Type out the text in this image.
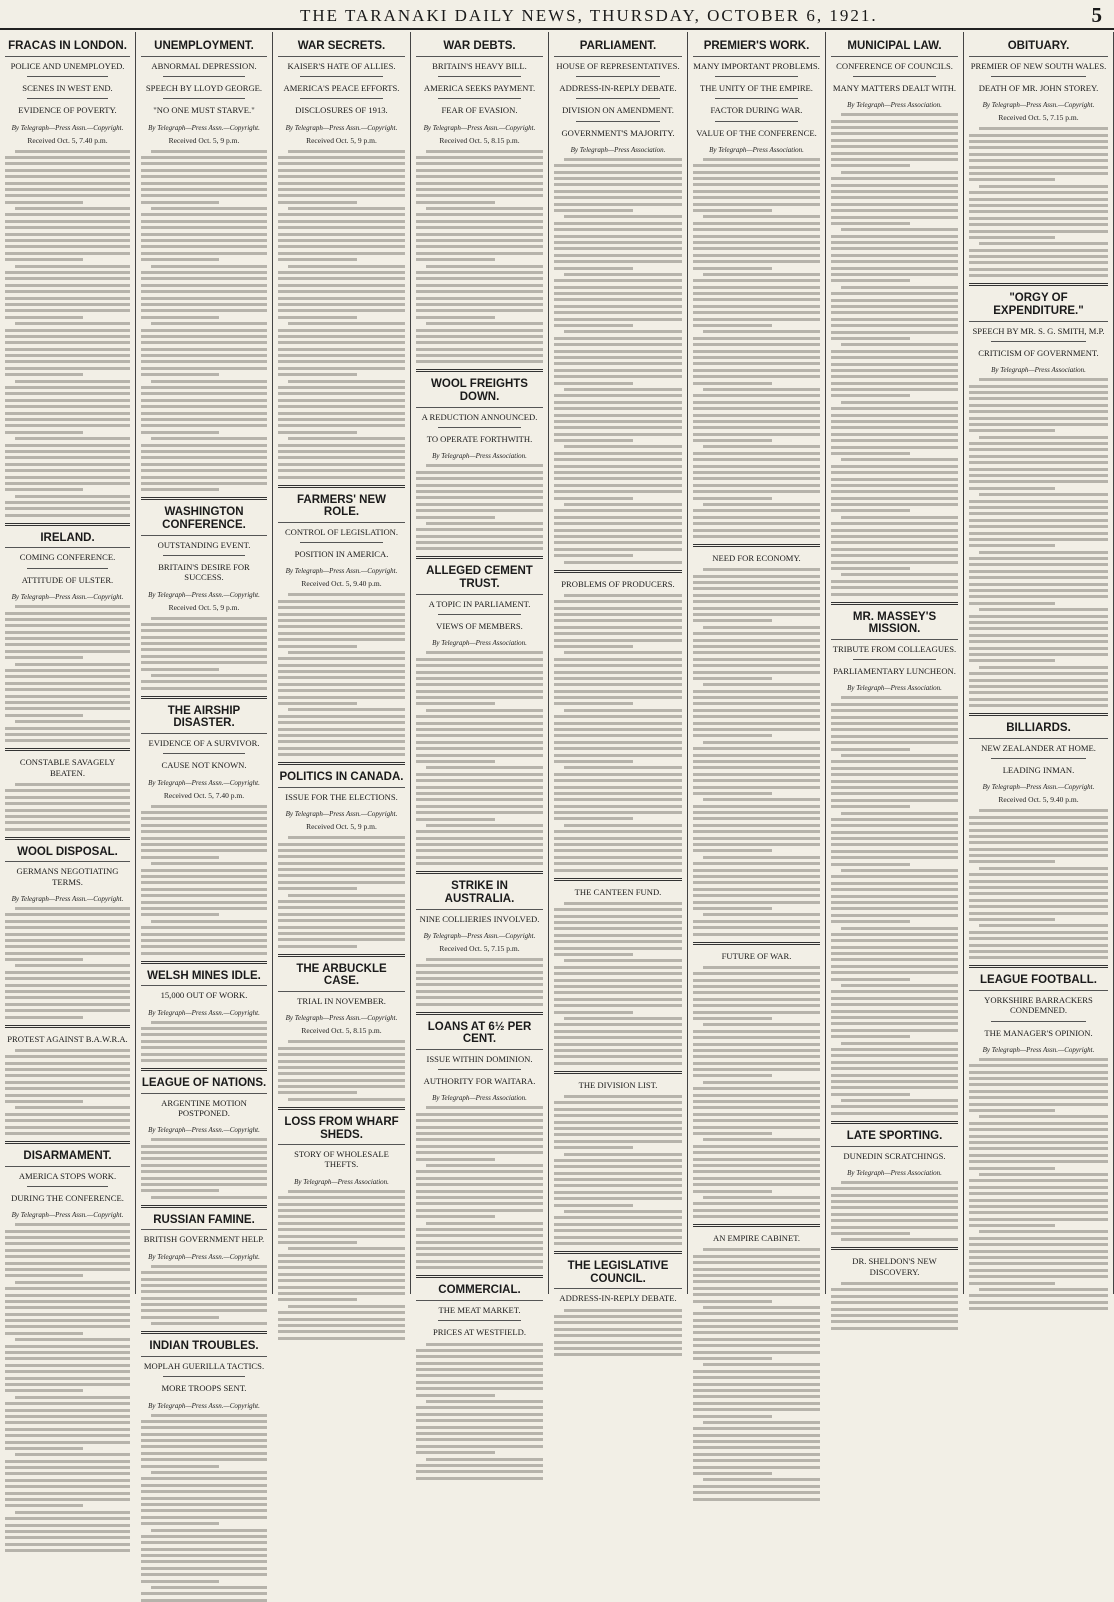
THE TARANAKI DAILY NEWS, THURSDAY, OCTOBER 6, 1921.	5
FRACAS IN LONDON.
POLICE AND UNEMPLOYED.
SCENES IN WEST END.
EVIDENCE OF POVERTY.
By Telegraph—Press Assn.—Copyright.
Received Oct. 5, 7.40 p.m.
IRELAND.
COMING CONFERENCE.
ATTITUDE OF ULSTER.
By Telegraph—Press Assn.—Copyright.
CONSTABLE SAVAGELY BEATEN.
WOOL DISPOSAL.
GERMANS NEGOTIATING TERMS.
By Telegraph—Press Assn.—Copyright.
PROTEST AGAINST B.A.W.R.A.
DISARMAMENT.
AMERICA STOPS WORK.
DURING THE CONFERENCE.
By Telegraph—Press Assn.—Copyright.
UNEMPLOYMENT.
ABNORMAL DEPRESSION.
SPEECH BY LLOYD GEORGE.
"NO ONE MUST STARVE."
By Telegraph—Press Assn.—Copyright.
Received Oct. 5, 9 p.m.
WASHINGTON CONFERENCE.
OUTSTANDING EVENT.
BRITAIN'S DESIRE FOR SUCCESS.
By Telegraph—Press Assn.—Copyright.
Received Oct. 5, 9 p.m.
THE AIRSHIP DISASTER.
EVIDENCE OF A SURVIVOR.
CAUSE NOT KNOWN.
By Telegraph—Press Assn.—Copyright.
Received Oct. 5, 7.40 p.m.
WELSH MINES IDLE.
15,000 OUT OF WORK.
By Telegraph—Press Assn.—Copyright.
LEAGUE OF NATIONS.
ARGENTINE MOTION POSTPONED.
By Telegraph—Press Assn.—Copyright.
RUSSIAN FAMINE.
BRITISH GOVERNMENT HELP.
By Telegraph—Press Assn.—Copyright.
INDIAN TROUBLES.
MOPLAH GUERILLA TACTICS.
MORE TROOPS SENT.
By Telegraph—Press Assn.—Copyright.
WAR SECRETS.
KAISER'S HATE OF ALLIES.
AMERICA'S PEACE EFFORTS.
DISCLOSURES OF 1913.
By Telegraph—Press Assn.—Copyright.
Received Oct. 5, 9 p.m.
FARMERS' NEW ROLE.
CONTROL OF LEGISLATION.
POSITION IN AMERICA.
By Telegraph—Press Assn.—Copyright.
Received Oct. 5, 9.40 p.m.
POLITICS IN CANADA.
ISSUE FOR THE ELECTIONS.
By Telegraph—Press Assn.—Copyright.
Received Oct. 5, 9 p.m.
THE ARBUCKLE CASE.
TRIAL IN NOVEMBER.
By Telegraph—Press Assn.—Copyright.
Received Oct. 5, 8.15 p.m.
LOSS FROM WHARF SHEDS.
STORY OF WHOLESALE THEFTS.
By Telegraph—Press Association.
WAR DEBTS.
BRITAIN'S HEAVY BILL.
AMERICA SEEKS PAYMENT.
FEAR OF EVASION.
By Telegraph—Press Assn.—Copyright.
Received Oct. 5, 8.15 p.m.
WOOL FREIGHTS DOWN.
A REDUCTION ANNOUNCED.
TO OPERATE FORTHWITH.
By Telegraph—Press Association.
ALLEGED CEMENT TRUST.
A TOPIC IN PARLIAMENT.
VIEWS OF MEMBERS.
By Telegraph—Press Association.
STRIKE IN AUSTRALIA.
NINE COLLIERIES INVOLVED.
By Telegraph—Press Assn.—Copyright.
Received Oct. 5, 7.15 p.m.
LOANS AT 6½ PER CENT.
ISSUE WITHIN DOMINION.
AUTHORITY FOR WAITARA.
By Telegraph—Press Association.
COMMERCIAL.
THE MEAT MARKET.
PRICES AT WESTFIELD.
PARLIAMENT.
HOUSE OF REPRESENTATIVES.
ADDRESS-IN-REPLY DEBATE.
DIVISION ON AMENDMENT.
GOVERNMENT'S MAJORITY.
By Telegraph—Press Association.
PROBLEMS OF PRODUCERS.
THE CANTEEN FUND.
THE DIVISION LIST.
THE LEGISLATIVE COUNCIL.
ADDRESS-IN-REPLY DEBATE.
PREMIER'S WORK.
MANY IMPORTANT PROBLEMS.
THE UNITY OF THE EMPIRE.
FACTOR DURING WAR.
VALUE OF THE CONFERENCE.
By Telegraph—Press Association.
NEED FOR ECONOMY.
FUTURE OF WAR.
AN EMPIRE CABINET.
MUNICIPAL LAW.
CONFERENCE OF COUNCILS.
MANY MATTERS DEALT WITH.
By Telegraph—Press Association.
MR. MASSEY'S MISSION.
TRIBUTE FROM COLLEAGUES.
PARLIAMENTARY LUNCHEON.
By Telegraph—Press Association.
LATE SPORTING.
DUNEDIN SCRATCHINGS.
By Telegraph—Press Association.
DR. SHELDON'S NEW DISCOVERY.
OBITUARY.
PREMIER OF NEW SOUTH WALES.
DEATH OF MR. JOHN STOREY.
By Telegraph—Press Assn.—Copyright.
Received Oct. 5, 7.15 p.m.
"ORGY OF EXPENDITURE."
SPEECH BY MR. S. G. SMITH, M.P.
CRITICISM OF GOVERNMENT.
By Telegraph—Press Association.
BILLIARDS.
NEW ZEALANDER AT HOME.
LEADING INMAN.
By Telegraph—Press Assn.—Copyright.
Received Oct. 5, 9.40 p.m.
LEAGUE FOOTBALL.
YORKSHIRE BARRACKERS CONDEMNED.
THE MANAGER'S OPINION.
By Telegraph—Press Assn.—Copyright.
